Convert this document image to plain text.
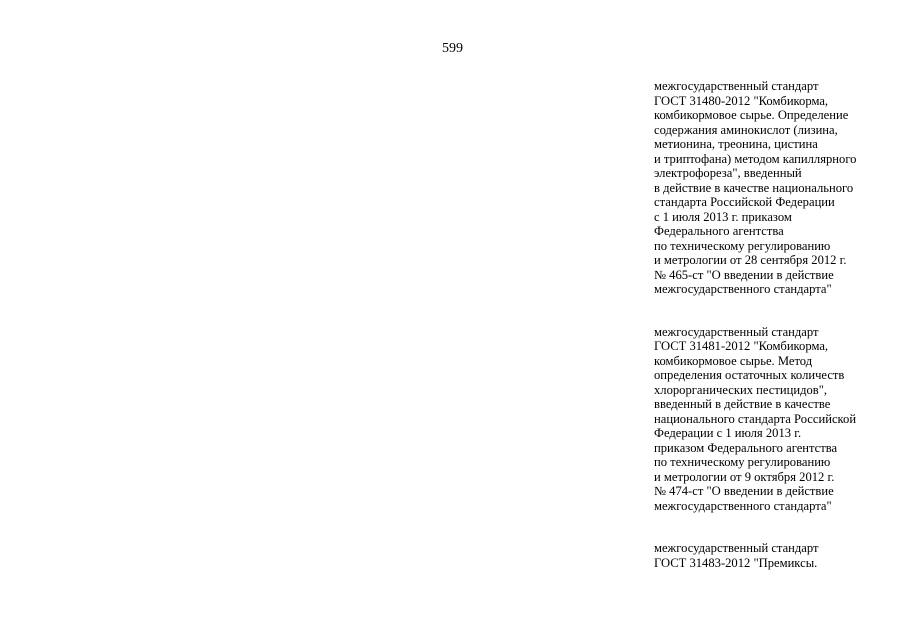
599
межгосударственный стандарт
ГОСТ 31480-2012 "Комбикорма,
комбикормовое сырье. Определение
содержания аминокислот (лизина,
метионина, треонина, цистина
и триптофана) методом капиллярного
электрофореза", введенный
в действие в качестве национального
стандарта Российской Федерации
с 1 июля 2013 г. приказом
Федерального агентства
по техническому регулированию
и метрологии от 28 сентября 2012 г.
№ 465-ст "О введении в действие
межгосударственного стандарта"
межгосударственный стандарт
ГОСТ 31481-2012 "Комбикорма,
комбикормовое сырье. Метод
определения остаточных количеств
хлорорганических пестицидов",
введенный в действие в качестве
национального стандарта Российской
Федерации с 1 июля 2013 г.
приказом Федерального агентства
по техническому регулированию
и метрологии от 9 октября 2012 г.
№ 474-ст "О введении в действие
межгосударственного стандарта"
межгосударственный стандарт
ГОСТ 31483-2012 "Премиксы.
